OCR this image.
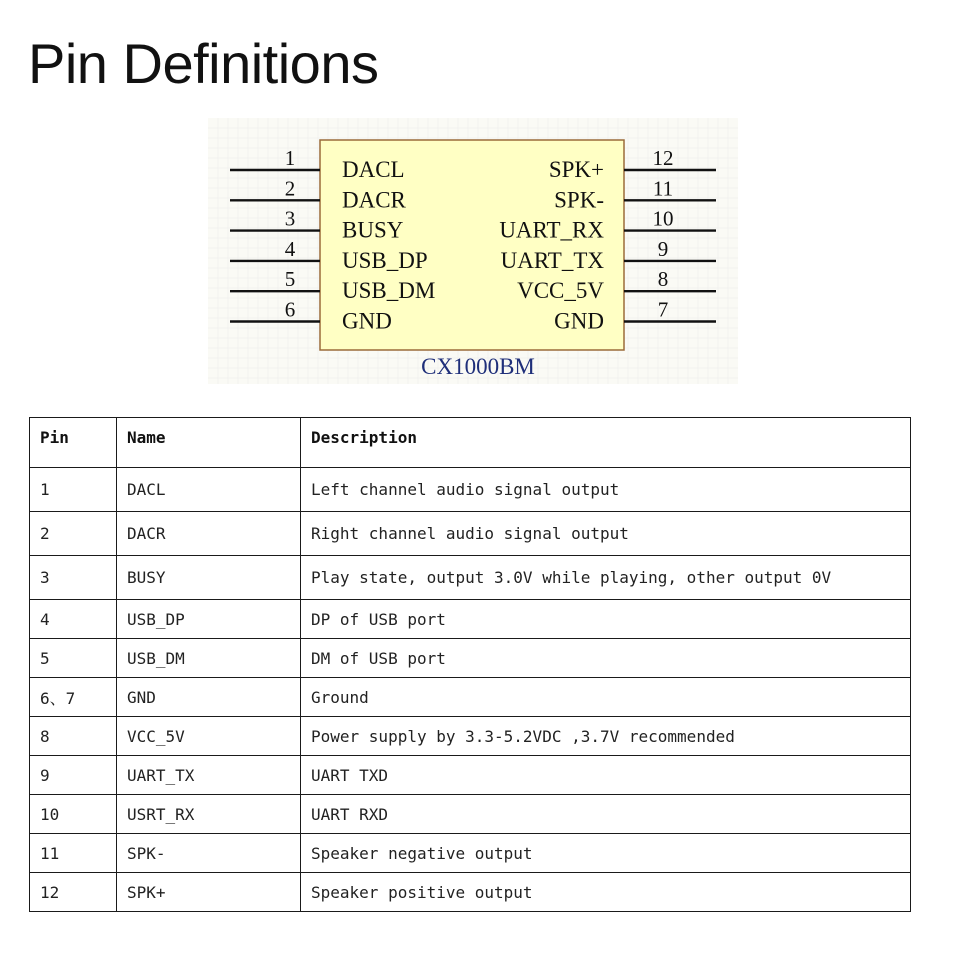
Pin Definitions
1 DACL
2 DACR
3 BUSY
4 USB_DP
5 USB_DM
6 GND
12
SPK+
11
SPK-
10
UART_RX
9
UART_TX
8
VCC_5V
7
GND
CX1000BM
Pin	Name	Description
1	DACL	Left channel audio signal output
2	DACR	Right channel audio signal output
3	BUSY	Play state, output 3.0V while playing, other output 0V
4	USB_DP	DP of USB port
5	USB_DM	DM of USB port
6、7	GND	Ground
8	VCC_5V	Power supply by 3.3-5.2VDC ,3.7V recommended
9	UART_TX	UART TXD
10	USRT_RX	UART RXD
11	SPK-	Speaker negative output
12	SPK+	Speaker positive output
